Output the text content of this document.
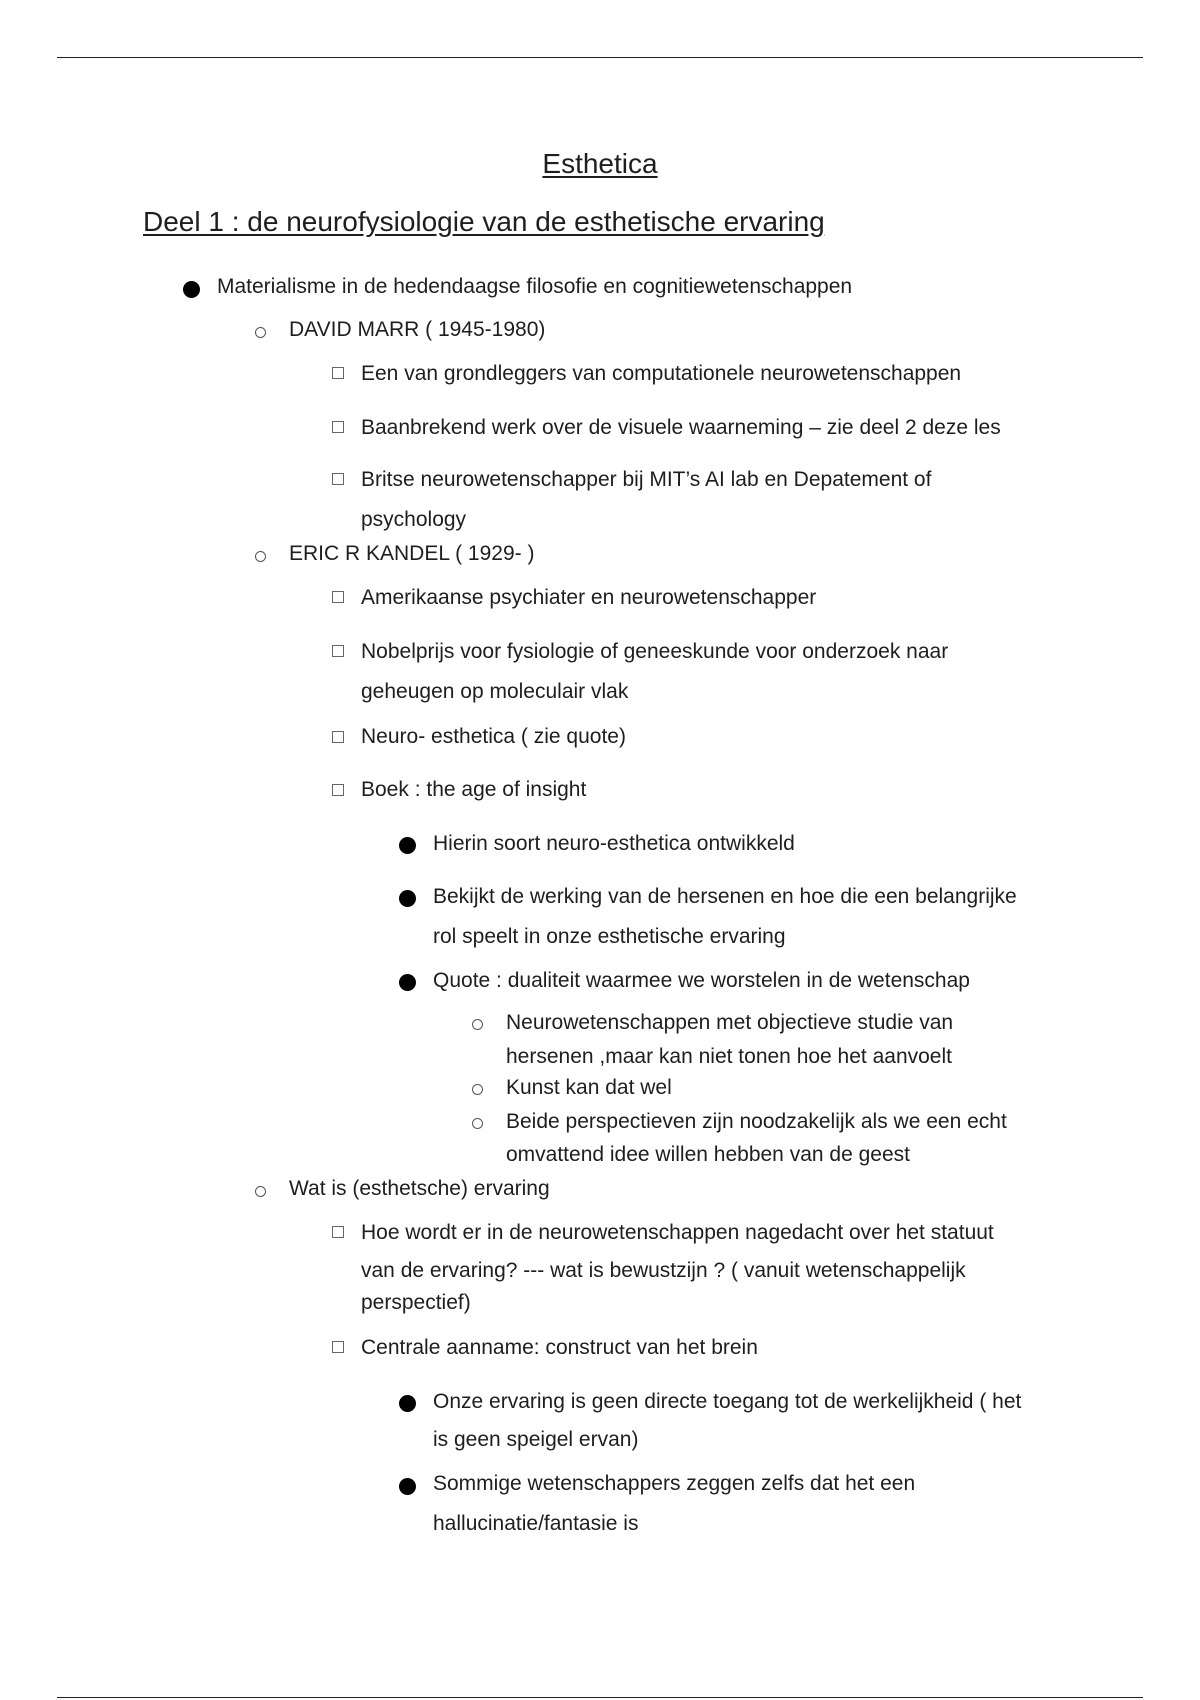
Esthetica
Deel 1 : de neurofysiologie van de esthetische ervaring
Materialisme in de hedendaagse filosofie en cognitiewetenschappen
DAVID MARR ( 1945-1980)
Een van grondleggers van computationele neurowetenschappen
Baanbrekend werk over de visuele waarneming – zie deel 2 deze les
Britse neurowetenschapper bij MIT’s AI lab en Depatement of
psychology
ERIC R KANDEL ( 1929- )
Amerikaanse psychiater en neurowetenschapper
Nobelprijs voor fysiologie of geneeskunde voor onderzoek naar
geheugen op moleculair vlak
Neuro- esthetica ( zie quote)
Boek : the age of insight
Hierin soort neuro-esthetica ontwikkeld
Bekijkt de werking van de hersenen en hoe die een belangrijke
rol speelt in onze esthetische ervaring
Quote : dualiteit waarmee we worstelen in de wetenschap
Neurowetenschappen met objectieve studie van
hersenen ,maar kan niet tonen hoe het aanvoelt
Kunst kan dat wel
Beide perspectieven zijn noodzakelijk als we een echt
omvattend idee willen hebben van de geest
Wat is (esthetsche) ervaring
Hoe wordt er in de neurowetenschappen nagedacht over het statuut
van de ervaring? --- wat is bewustzijn ? ( vanuit wetenschappelijk
perspectief)
Centrale aanname: construct van het brein
Onze ervaring is geen directe toegang tot de werkelijkheid ( het
is geen speigel ervan)
Sommige wetenschappers zeggen zelfs dat het een
hallucinatie/fantasie is
